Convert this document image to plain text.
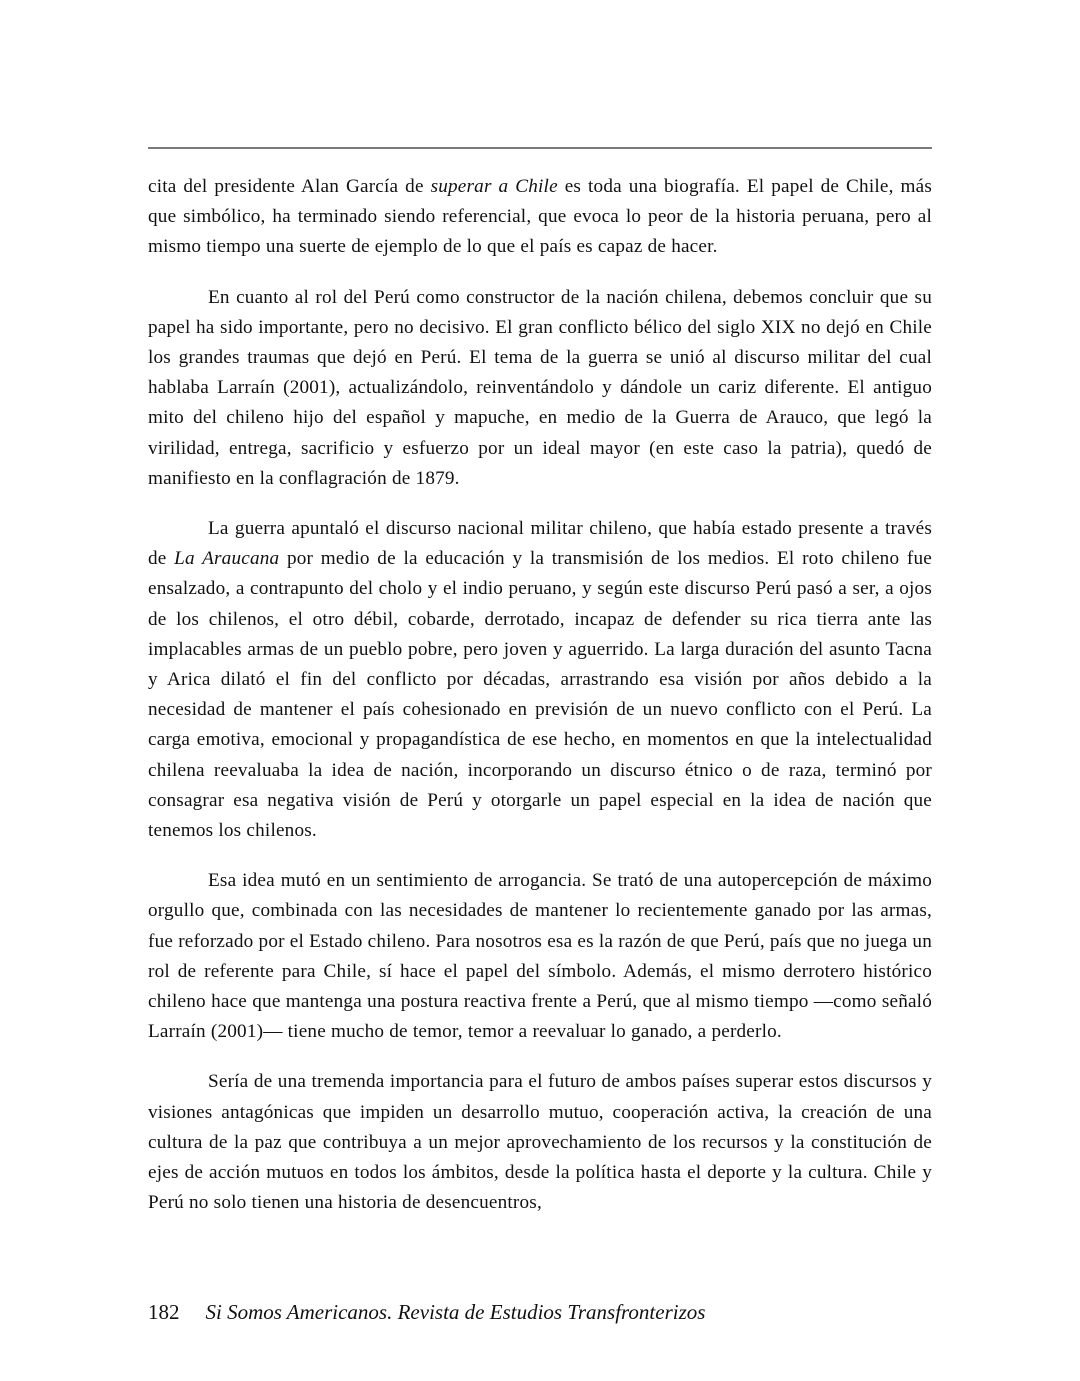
cita del presidente Alan García de superar a Chile es toda una biografía. El papel de Chile, más que simbólico, ha terminado siendo referencial, que evoca lo peor de la historia peruana, pero al mismo tiempo una suerte de ejemplo de lo que el país es capaz de hacer.

En cuanto al rol del Perú como constructor de la nación chilena, debemos concluir que su papel ha sido importante, pero no decisivo. El gran conflicto bélico del siglo XIX no dejó en Chile los grandes traumas que dejó en Perú. El tema de la guerra se unió al discurso militar del cual hablaba Larraín (2001), actualizándolo, reinventándolo y dándole un cariz diferente. El antiguo mito del chileno hijo del español y mapuche, en medio de la Guerra de Arauco, que legó la virilidad, entrega, sacrificio y esfuerzo por un ideal mayor (en este caso la patria), quedó de manifiesto en la conflagración de 1879.

La guerra apuntaló el discurso nacional militar chileno, que había estado presente a través de La Araucana por medio de la educación y la transmisión de los medios. El roto chileno fue ensalzado, a contrapunto del cholo y el indio peruano, y según este discurso Perú pasó a ser, a ojos de los chilenos, el otro débil, cobarde, derrotado, incapaz de defender su rica tierra ante las implacables armas de un pueblo pobre, pero joven y aguerrido. La larga duración del asunto Tacna y Arica dilató el fin del conflicto por décadas, arrastrando esa visión por años debido a la necesidad de mantener el país cohesionado en previsión de un nuevo conflicto con el Perú. La carga emotiva, emocional y propagandística de ese hecho, en momentos en que la intelectualidad chilena reevaluaba la idea de nación, incorporando un discurso étnico o de raza, terminó por consagrar esa negativa visión de Perú y otorgarle un papel especial en la idea de nación que tenemos los chilenos.

Esa idea mutó en un sentimiento de arrogancia. Se trató de una autopercepción de máximo orgullo que, combinada con las necesidades de mantener lo recientemente ganado por las armas, fue reforzado por el Estado chileno. Para nosotros esa es la razón de que Perú, país que no juega un rol de referente para Chile, sí hace el papel del símbolo. Además, el mismo derrotero histórico chileno hace que mantenga una postura reactiva frente a Perú, que al mismo tiempo —como señaló Larraín (2001)— tiene mucho de temor, temor a reevaluar lo ganado, a perderlo.

Sería de una tremenda importancia para el futuro de ambos países superar estos discursos y visiones antagónicas que impiden un desarrollo mutuo, cooperación activa, la creación de una cultura de la paz que contribuya a un mejor aprovechamiento de los recursos y la constitución de ejes de acción mutuos en todos los ámbitos, desde la política hasta el deporte y la cultura. Chile y Perú no solo tienen una historia de desencuentros,

182 Si Somos Americanos. Revista de Estudios Transfronterizos
